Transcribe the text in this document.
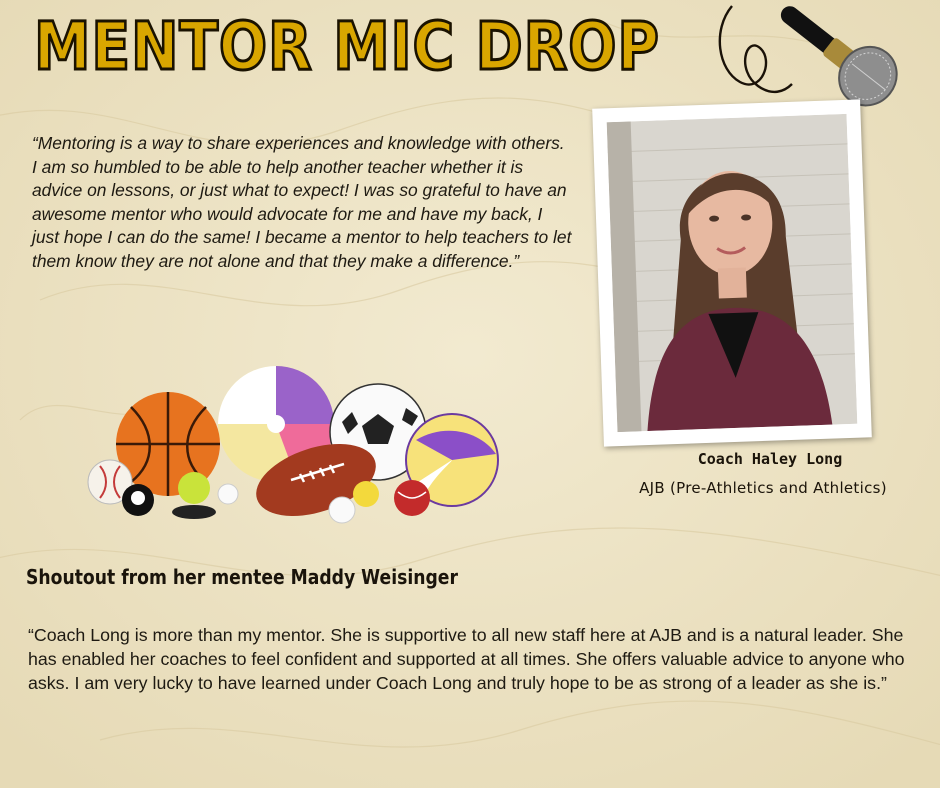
MENTOR MIC DROP
“Mentoring is a way to share experiences and knowledge with others. I am so humbled to be able to help another teacher whether it is advice on lessons, or just what to expect! I was so grateful to have an awesome mentor who would advocate for me and have my back, I just hope I can do the same! I became a mentor to help teachers to let them know they are not alone and that they make a difference.”
Coach Haley Long
AJB (Pre-Athletics and Athletics)
Shoutout from her mentee Maddy Weisinger
“Coach Long is more than my mentor. She is supportive to all new staff here at AJB and is a natural leader. She has enabled her coaches to feel confident and supported at all times. She offers valuable advice to anyone who asks. I am very lucky to have learned under Coach Long and truly hope to be as strong of a leader as she is.”
